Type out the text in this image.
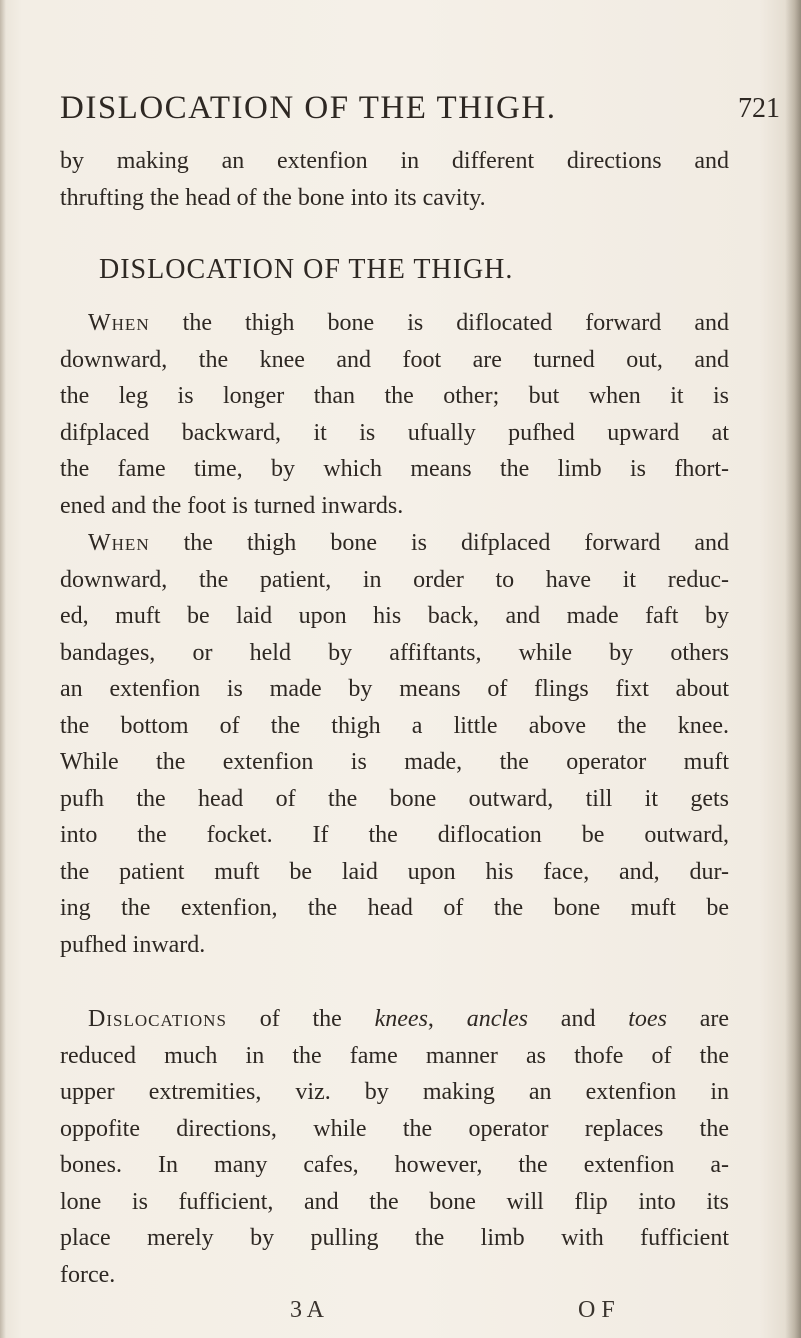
DISLOCATION OF THE THIGH.	721
by making an extenfion in different directions and
thrufting the head of the bone into its cavity.
DISLOCATION OF THE THIGH.
When the thigh bone is diflocated forward and
downward, the knee and foot are turned out, and
the leg is longer than the other; but when it is
difplaced backward, it is ufually pufhed upward at
the fame time, by which means the limb is fhort-
ened and the foot is turned inwards.
When the thigh bone is difplaced forward and
downward, the patient, in order to have it reduc-
ed, muft be laid upon his back, and made faft by
bandages, or held by affiftants, while by others
an extenfion is made by means of flings fixt about
the bottom of the thigh a little above the knee.
While the extenfion is made, the operator muft
pufh the head of the bone outward, till it gets
into the focket. If the diflocation be outward,
the patient muft be laid upon his face, and, dur-
ing the extenfion, the head of the bone muft be
pufhed inward.
Dislocations of the knees, ancles and toes are
reduced much in the fame manner as thofe of the
upper extremities, viz. by making an extenfion in
oppofite directions, while the operator replaces the
bones. In many cafes, however, the extenfion a-
lone is fufficient, and the bone will flip into its
place merely by pulling the limb with fufficient
force.
3 A	OF
